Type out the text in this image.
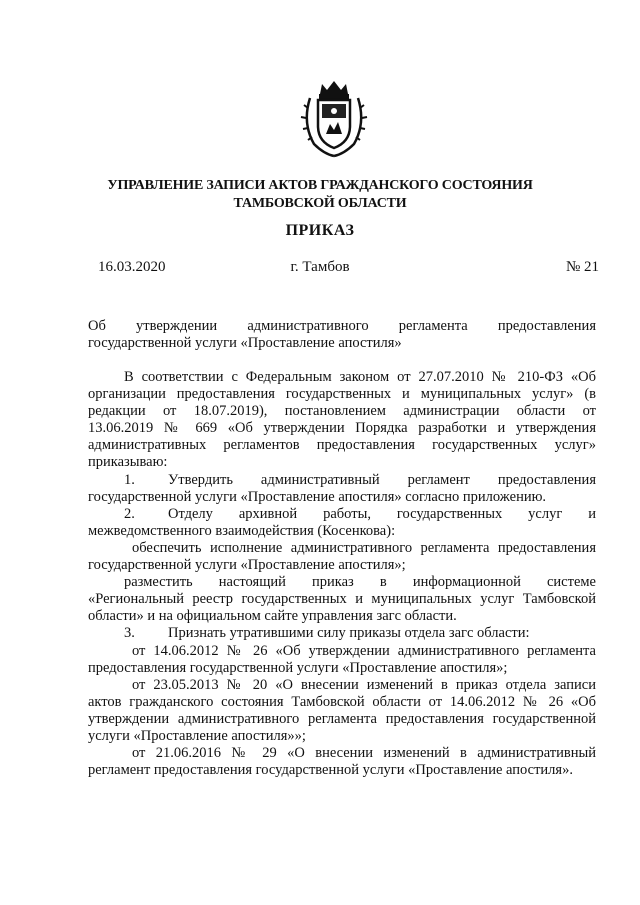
УПРАВЛЕНИЕ ЗАПИСИ АКТОВ ГРАЖДАНСКОГО СОСТОЯНИЯ
ТАМБОВСКОЙ ОБЛАСТИ
ПРИКАЗ
16.03.2020	г. Тамбов	№ 21
Об утверждении административного регламента предоставления
государственной услуги «Проставление апостиля»
В соответствии с Федеральным законом от 27.07.2010 № 210-ФЗ «Об
организации предоставления государственных и муниципальных услуг» (в
редакции от 18.07.2019), постановлением администрации области от
13.06.2019 № 669 «Об утверждении Порядка разработки и утверждения
административных регламентов предоставления государственных услуг»
приказываю:
1. Утвердить административный регламент предоставления
государственной услуги «Проставление апостиля» согласно приложению.
2. Отделу архивной работы, государственных услуг и
межведомственного взаимодействия (Косенкова):
обеспечить исполнение административного регламента предоставления
государственной услуги «Проставление апостиля»;
разместить настоящий приказ в информационной системе
«Региональный реестр государственных и муниципальных услуг Тамбовской
области» и на официальном сайте управления загс области.
3. Признать утратившими силу приказы отдела загс области:
от 14.06.2012 № 26 «Об утверждении административного регламента
предоставления государственной услуги «Проставление апостиля»;
от 23.05.2013 № 20 «О внесении изменений в приказ отдела записи
актов гражданского состояния Тамбовской области от 14.06.2012 № 26 «Об
утверждении административного регламента предоставления государственной
услуги «Проставление апостиля»»;
от 21.06.2016 № 29 «О внесении изменений в административный
регламент предоставления государственной услуги «Проставление апостиля».
